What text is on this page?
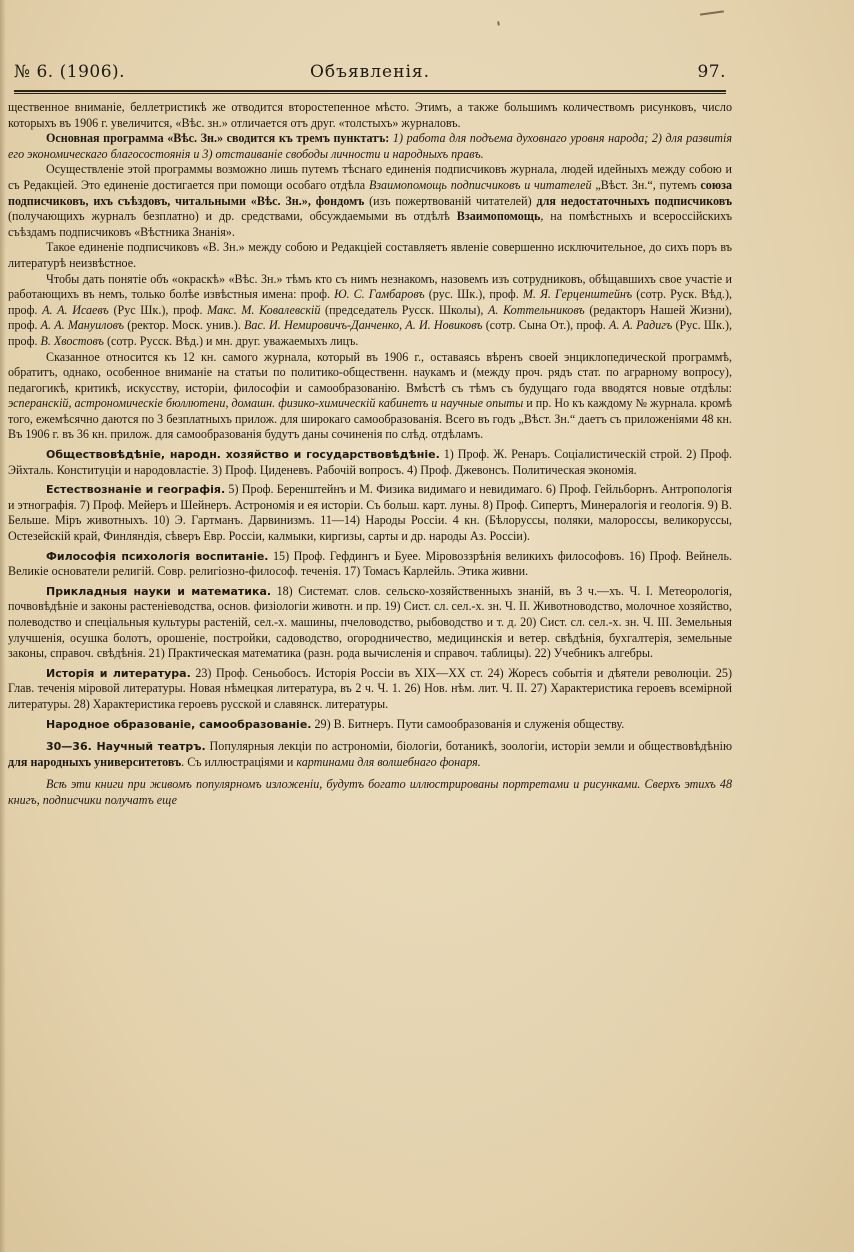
№ 6. (1906).	Объявленія.	97.

щественное вниманіе, беллетристикѣ же отводится второстепенное мѣсто. Этимъ, а также большимъ количествомъ рисунковъ, число которыхъ въ 1906 г. увеличится, «Вѣс. зн.» отличается отъ друг. «толстыхъ» журналовъ.

Основная программа «Вѣс. Зн.» сводится къ тремъ пунктатъ: 1) работа для подъема духовнаго уровня народа; 2) для развитія его экономическаго благосостоянія и 3) отстаиваніе свободы личности и народныхъ правъ.

Осуществленіе этой программы возможно лишь путемъ тѣснаго единенія подписчиковъ журнала, людей идейныхъ между собою и съ Редакціей. Это единеніе достигается при помощи особаго отдѣла Взаимопомощь подписчиковъ и читателей „Вѣст. Зн.“, путемъ союза подписчиковъ, ихъ съѣздовъ, читальными «Вѣс. Зн.», фондомъ (изъ пожертвованій читателей) для недостаточныхъ подписчиковъ (получающихъ журналъ безплатно) и др. средствами, обсуждаемыми въ отдѣлѣ Взаимопомощь, на помѣстныхъ и всероссійскихъ съѣздамъ подписчиковъ «Вѣстника Знанія».

Такое единеніе подписчиковъ «В. Зн.» между собою и Редакціей составляетъ явленіе совершенно исключительное, до сихъ поръ въ литературѣ неизвѣстное.

Чтобы дать понятіе объ «окраскѣ» «Вѣс. Зн.» тѣмъ кто съ нимъ незнакомъ, назовемъ изъ сотрудниковъ, обѣщавшихъ свое участіе и работающихъ въ немъ, только болѣе извѣстныя имена: проф. Ю. С. Гамбаровъ (рус. Шк.), проф. М. Я. Герценштейнъ (сотр. Руск. Вѣд.), проф. А. А. Исаевъ (Рус Шк.), проф. Макс. М. Ковалевскій (председатель Русск. Школы), А. Коттельниковъ (редакторъ Нашей Жизни), проф. А. А. Мануиловъ (ректор. Моск. унив.). Вас. И. Немировичъ-Данченко, А. И. Новиковъ (сотр. Сына От.), проф. А. А. Радигъ (Рус. Шк.), проф. В. Хвостовъ (сотр. Русск. Вѣд.) и мн. друг. уважаемыхъ лицъ.

Сказанное относится къ 12 кн. самого журнала, который въ 1906 г., оставаясь вѣренъ своей энциклопедической программѣ, обратитъ, однако, особенное вниманіе на статьи по политико-общественн. наукамъ и (между проч. рядъ стат. по аграрному вопросу), педагогикѣ, критикѣ, искусству, исторіи, философіи и самообразованію. Вмѣстѣ съ тѣмъ съ будущаго года вводятся новые отдѣлы: эсперанскій, астрономическіе бюллютени, домашн. физико-химическій кабинетъ и научные опыты и пр. Но къ каждому № журнала. кромѣ того, ежемѣсячно даются по 3 безплатныхъ прилож. для широкаго самообразованія. Всего въ годъ „Вѣст. Зн.“ даетъ съ приложеніями 48 кн. Въ 1906 г. въ 36 кн. прилож. для самообразованія будутъ даны сочиненія по слѣд. отдѣламъ.

Обществовѣдѣніе, народн. хозяйство и государствовѣдѣніе. 1) Проф. Ж. Ренаръ. Соціалистическій строй. 2) Проф. Эйхталь. Конституціи и народовластіе. 3) Проф. Циденевъ. Рабочій вопросъ. 4) Проф. Джевонсъ. Политическая экономія.

Естествознаніе и географія. 5) Проф. Беренштейнъ и М. Физика видимаго и невидимаго. 6) Проф. Гейльборнъ. Антропологія и этнографія. 7) Проф. Мейеръ и Шейнеръ. Астрономія и ея исторіи. Съ больш. карт. луны. 8) Проф. Сипертъ, Минералогія и геологія. 9) В. Бельше. Міръ животныхъ. 10) Э. Гартманъ. Дарвинизмъ. 11—14) Народы Россіи. 4 кн. (Бѣлоруссы, поляки, малороссы, великоруссы, Остезейскій край, Финляндія, сѣверъ Евр. Россіи, калмыки, киргизы, сарты и др. народы Аз. Россіи).

Философія психологія воспитаніе. 15) Проф. Гефдингъ и Буее. Міровоззрѣнія великихъ философовъ. 16) Проф. Вейнель. Великіе основатели религій. Совр. религіозно-философ. теченія. 17) Томасъ Карлейль. Этика живни.

Прикладныя науки и математика. 18) Системат. слов. сельско-хозяйственныхъ знаній, въ 3 ч.—хъ. Ч. I. Метеорологія, почвовѣдѣніе и законы растеніеводства, основ. физіологіи животн. и пр. 19) Сист. сл. сел.-х. зн. Ч. II. Животноводство, молочное хозяйство, полеводство и спеціальныя культуры растеній, сел.-х. машины, пчеловодство, рыбоводство и т. д. 20) Сист. сл. сел.-х. зн. Ч. III. Земельныя улучшенія, осушка болотъ, орошеніе, постройки, садоводство, огородничество, медицинскія и ветер. свѣдѣнія, бухгалтерія, земельные законы, справоч. свѣдѣнія. 21) Практическая математика (разн. рода вычисленія и справоч. таблицы). 22) Учебникъ алгебры.

Исторія и литература. 23) Проф. Сеньобосъ. Исторія Россіи въ XIX—XX ст. 24) Жоресъ событія и дѣятели революціи. 25) Глав. теченія міровой литературы. Новая нѣмецкая литература, въ 2 ч. Ч. 1. 26) Нов. нѣм. лит. Ч. II. 27) Характеристика героевъ всемірной литературы. 28) Характеристика героевъ русской и славянск. литературы.

Народное образованіе, самообразованіе. 29) В. Битнеръ. Пути самообразованія и служенія обществу.

30—36. Научный театръ. Популярныя лекціи по астрономіи, біологіи, ботаникѣ, зоологіи, исторіи земли и обществовѣдѣнію для народныхъ университетовъ. Съ иллюстраціями и картинами для волшебнаго фонаря.

Всѣ эти книги при живомъ популярномъ изложеніи, будутъ богато иллюстрированы портретами и рисунками. Сверхъ этихъ 48 книгъ, подписчики получатъ еще
